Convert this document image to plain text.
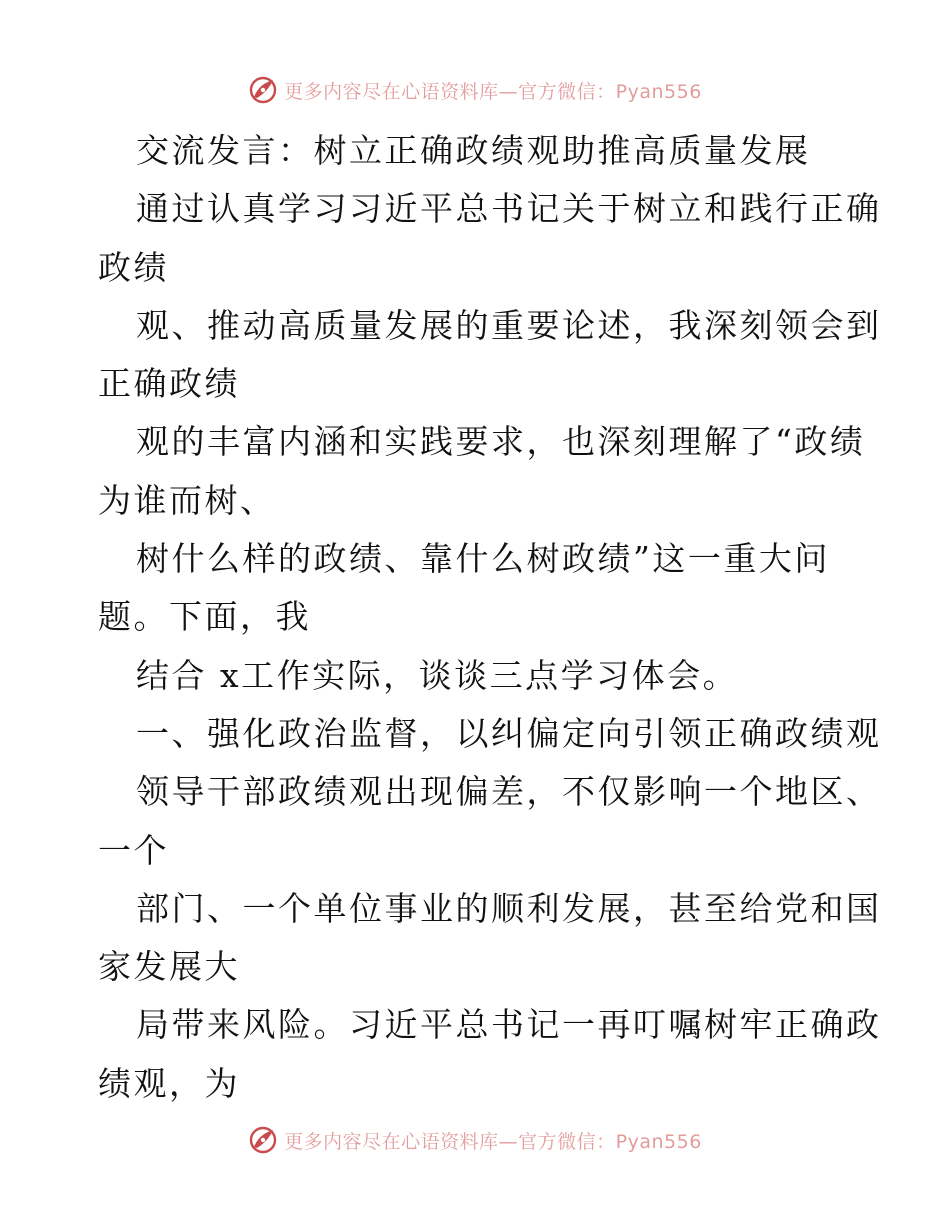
更多内容尽在心语资料库—官方微信：Pyan556
交流发言：树立正确政绩观助推高质量发展
通过认真学习习近平总书记关于树立和践行正确
政绩
观、推动高质量发展的重要论述，我深刻领会到
正确政绩
观的丰富内涵和实践要求，也深刻理解了“政绩
为谁而树、
树什么样的政绩、靠什么树政绩”这一重大问
题。下面，我
结合 x工作实际，谈谈三点学习体会。
一、强化政治监督，以纠偏定向引领正确政绩观
领导干部政绩观出现偏差，不仅影响一个地区、
一个
部门、一个单位事业的顺利发展，甚至给党和国
家发展大
局带来风险。习近平总书记一再叮嘱树牢正确政
绩观，为
更多内容尽在心语资料库—官方微信：Pyan556
